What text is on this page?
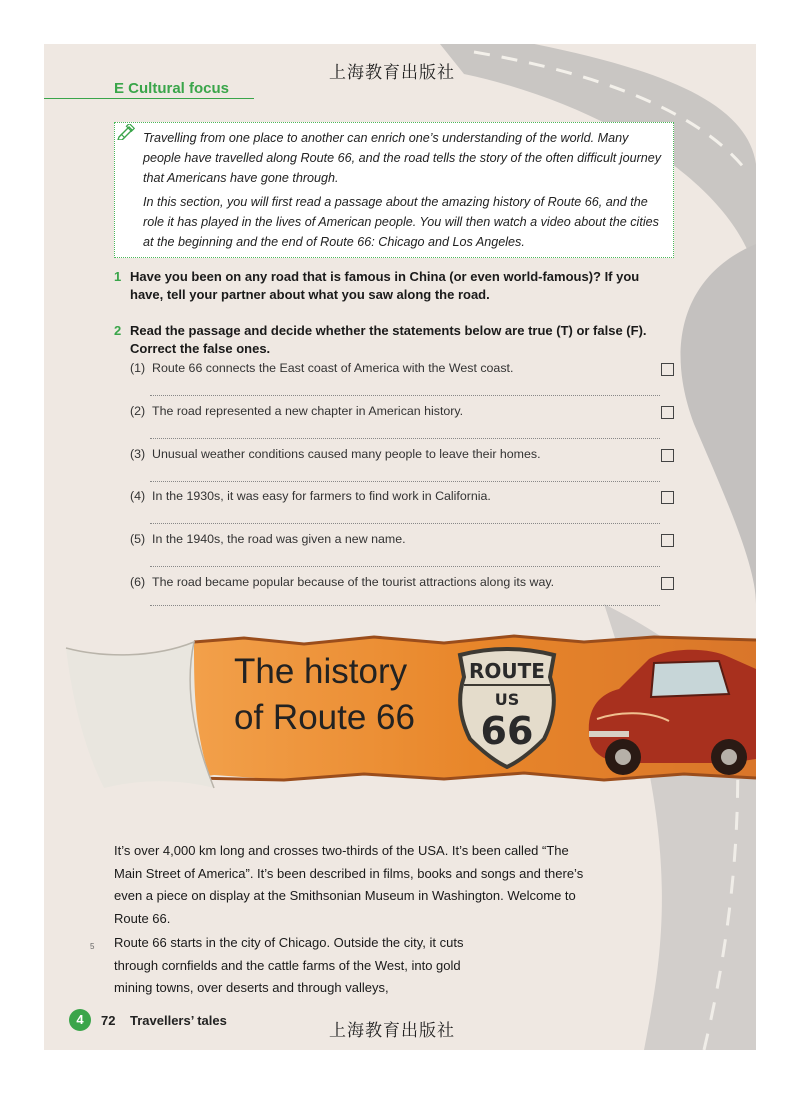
上海教育出版社
E Cultural focus

Travelling from one place to another can enrich one’s understanding of the world. Many people have travelled along Route 66, and the road tells the story of the often difficult journey that Americans have gone through.

In this section, you will first read a passage about the amazing history of Route 66, and the role it has played in the lives of American people. You will then watch a video about the cities at the beginning and the end of Route 66: Chicago and Los Angeles.

1 Have you been on any road that is famous in China (or even world-famous)? If you have, tell your partner about what you saw along the road.
2 Read the passage and decide whether the statements below are true (T) or false (F). Correct the false ones.
(1) Route 66 connects the East coast of America with the West coast.
(2) The road represented a new chapter in American history.
(3) Unusual weather conditions caused many people to leave their homes.
(4) In the 1930s, it was easy for farmers to find work in California.
(5) In the 1940s, the road was given a new name.
(6) The road became popular because of the tourist attractions along its way.
The history
of Route 66
ROUTE
US
66
It’s over 4,000 km long and crosses two-thirds of the USA. It’s been called “The Main Street of America”. It’s been described in films, books and songs and there’s even a piece on display at the Smithsonian Museum in Washington. Welcome to Route 66.
5 Route 66 starts in the city of Chicago. Outside the city, it cuts through cornfields and the cattle farms of the West, into gold mining towns, over deserts and through valleys,
4	72 Travellers’ tales
上海教育出版社
